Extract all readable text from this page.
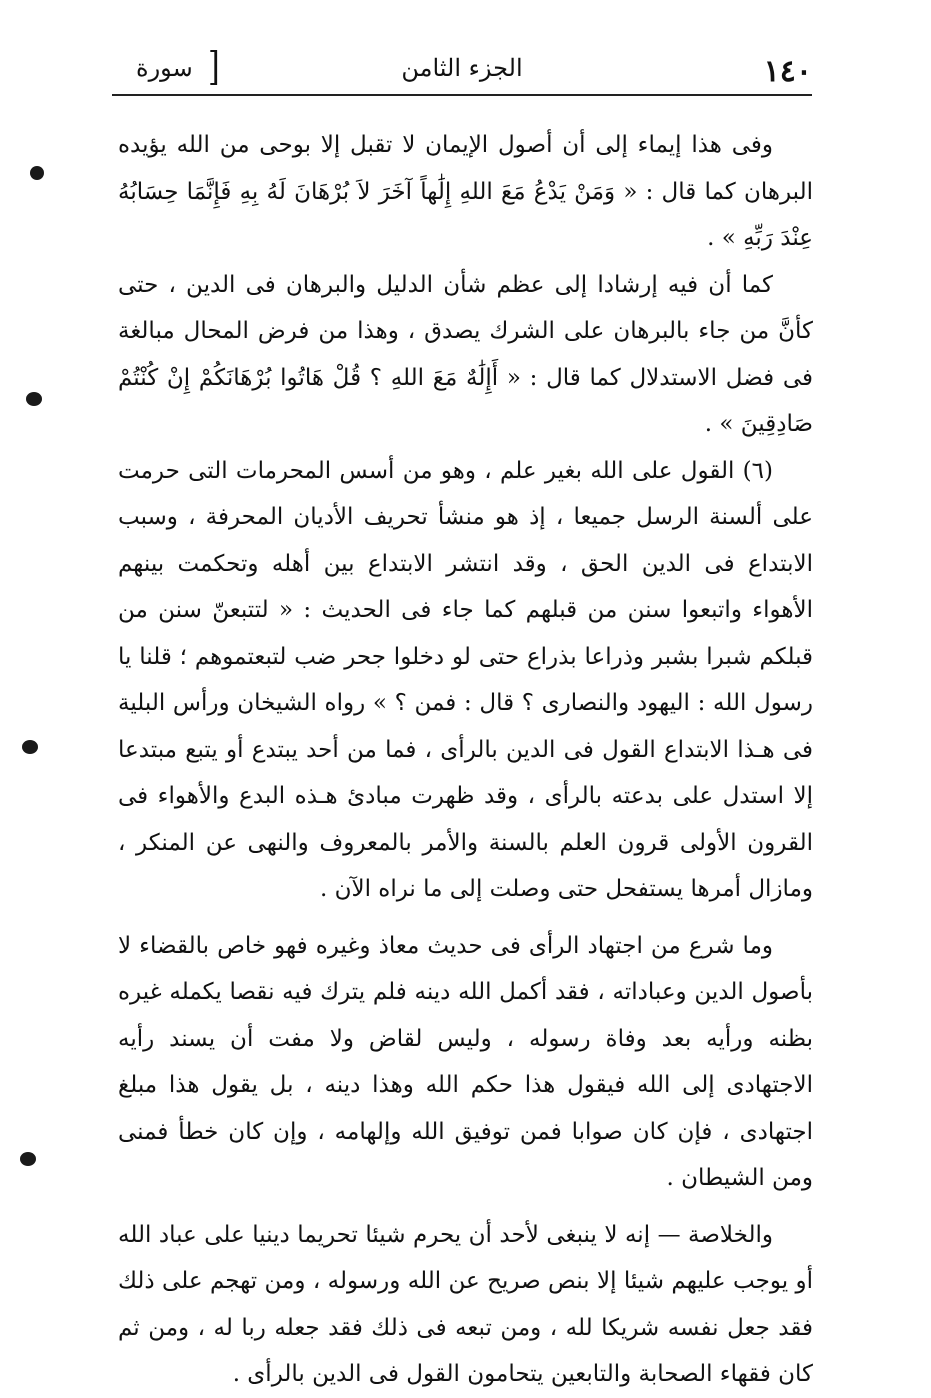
١٤٠
الجزء الثامن
[
سورة

وفى هذا إيماء إلى أن أصول الإيمان لا تقبل إلا بوحى من الله يؤيده البرهان كما قال : « وَمَنْ يَدْعُ مَعَ اللهِ إِلَٰهاً آخَرَ لاَ بُرْهَانَ لَهُ بِهِ فَإِنَّمَا حِسَابُهُ عِنْدَ رَبِّهِ » .

كما أن فيه إرشادا إلى عظم شأن الدليل والبرهان فى الدين ، حتى كأنَّ من جاء بالبرهان على الشرك يصدق ، وهذا من فرض المحال مبالغة فى فضل الاستدلال كما قال : « أَإِلَٰهٌ مَعَ اللهِ ؟ قُلْ هَاتُوا بُرْهَانَكُمْ إِنْ كُنْتُمْ صَادِقِينَ » .

(٦) القول على الله بغير علم ، وهو من أسس المحرمات التى حرمت على ألسنة الرسل جميعا ، إذ هو منشأ تحريف الأديان المحرفة ، وسبب الابتداع فى الدين الحق ، وقد انتشر الابتداع بين أهله وتحكمت بينهم الأهواء واتبعوا سنن من قبلهم كما جاء فى الحديث : « لتتبعنّ سنن من قبلكم شبرا بشبر وذراعا بذراع حتى لو دخلوا جحر ضب لتبعتموهم ؛ قلنا يا رسول الله : اليهود والنصارى ؟ قال : فمن ؟ » رواه الشيخان ورأس البلية فى هـذا الابتداع القول فى الدين بالرأى ، فما من أحد يبتدع أو يتبع مبتدعا إلا استدل على بدعته بالرأى ، وقد ظهرت مبادئ هـذه البدع والأهواء فى القرون الأولى قرون العلم بالسنة والأمر بالمعروف والنهى عن المنكر ، ومازال أمرها يستفحل حتى وصلت إلى ما نراه الآن .

وما شرع من اجتهاد الرأى فى حديث معاذ وغيره فهو خاص بالقضاء لا بأصول الدين وعباداته ، فقد أكمل الله دينه فلم يترك فيه نقصا يكمله غيره بظنه ورأيه بعد وفاة رسوله ، وليس لقاض ولا مفت أن يسند رأيه الاجتهادى إلى الله فيقول هذا حكم الله وهذا دينه ، بل يقول هذا مبلغ اجتهادى ، فإن كان صوابا فمن توفيق الله وإلهامه ، وإن كان خطأ فمنى ومن الشيطان .

والخلاصة — إنه لا ينبغى لأحد أن يحرم شيئا تحريما دينيا على عباد الله أو يوجب عليهم شيئا إلا بنص صريح عن الله ورسوله ، ومن تهجم على ذلك فقد جعل نفسه شريكا لله ، ومن تبعه فى ذلك فقد جعله ربا له ، ومن ثم كان فقهاء الصحابة والتابعين يتحامون القول فى الدين بالرأى .
